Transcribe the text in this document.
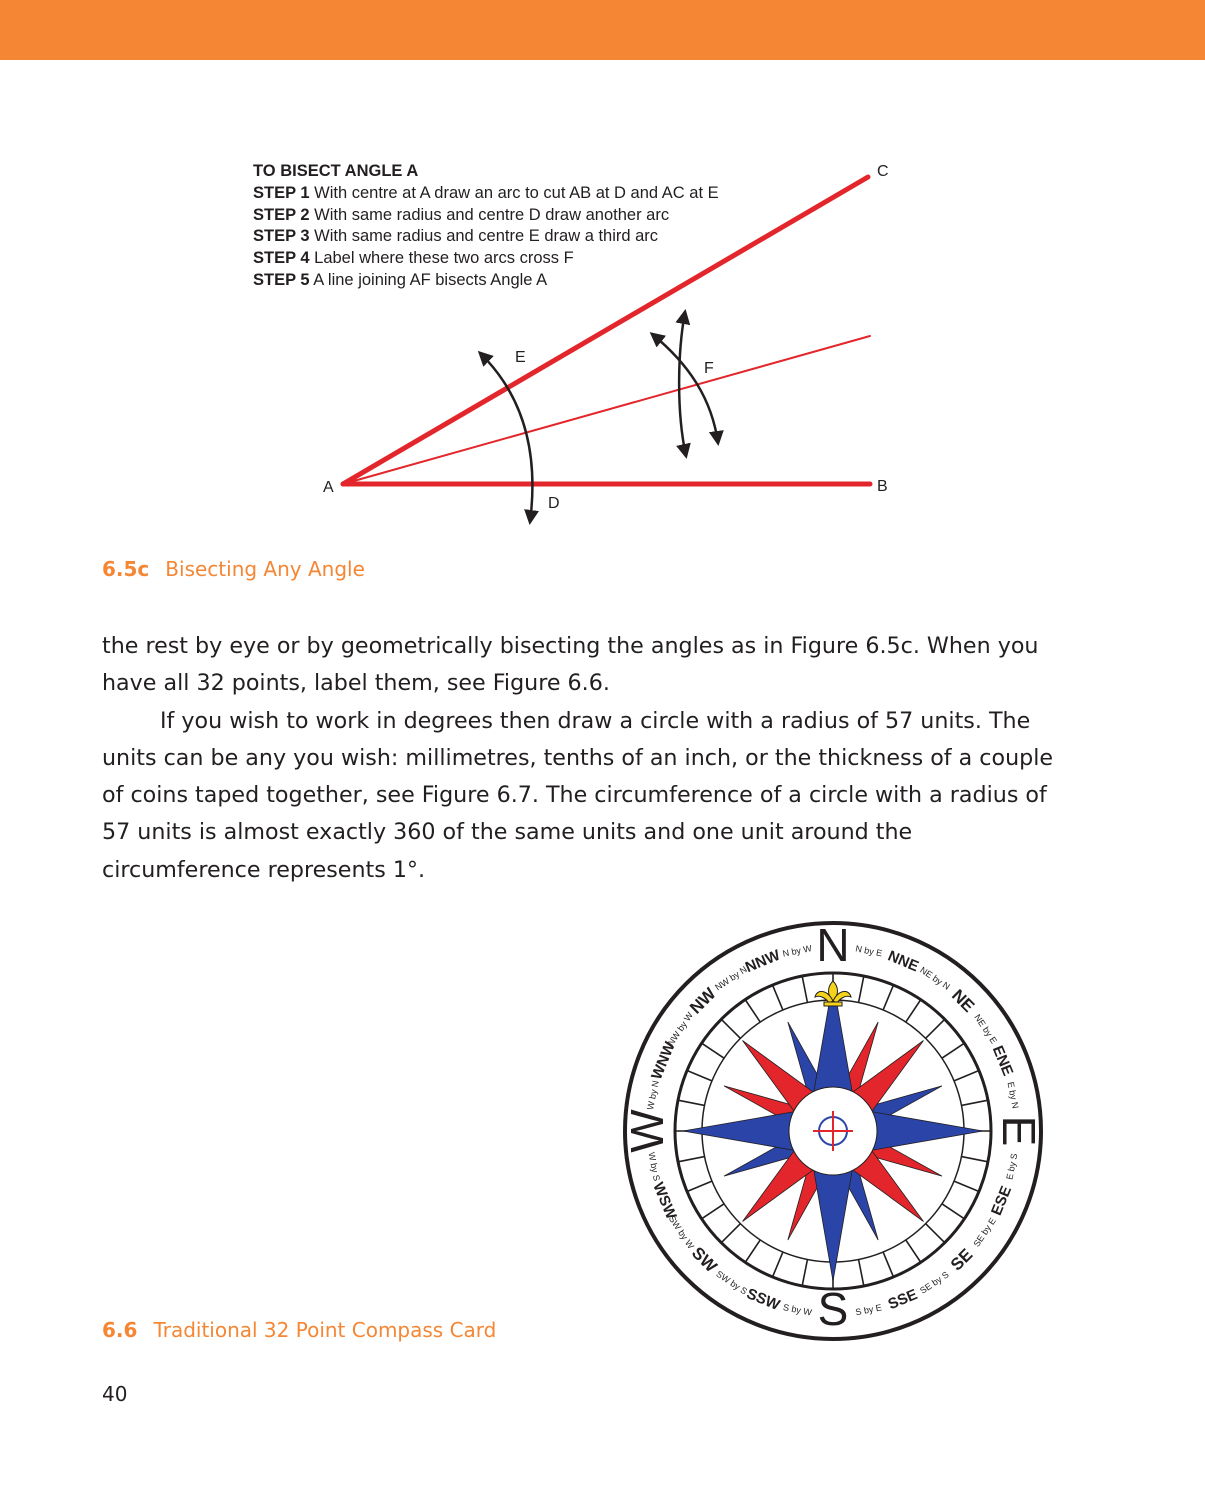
TO BISECT ANGLE A
STEP 1 With centre at A draw an arc to cut AB at D and AC at E
STEP 2 With same radius and centre D draw another arc
STEP 3 With same radius and centre E draw a third arc
STEP 4 Label where these two arcs cross F
STEP 5 A line joining AF bisects Angle A
C
E
F
A	B
D
6.5c Bisecting Any Angle

the rest by eye or by geometrically bisecting the angles as in Figure 6.5c. When you have all 32 points, label them, see Figure 6.6.

If you wish to work in degrees then draw a circle with a radius of 57 units. The units can be any you wish: millimetres, tenths of an inch, or the thickness of a couple of coins taped together, see Figure 6.7. The circumference of a circle with a radius of 57 units is almost exactly 360 of the same units and one unit around the circumference represents 1°.

N N by E NNE
NE by N
NE
NE by E
ENE
E by N
E
E by S
ESE
SE by E
SE
SE by S
SSE
S by E
S
S by W
SSW
SW by S
SW
SW by W
WSW
W by S
W
W by N
WNW
NW by W
NW
NW by N
NNW N by W
6.6 Traditional 32 Point Compass Card
40
